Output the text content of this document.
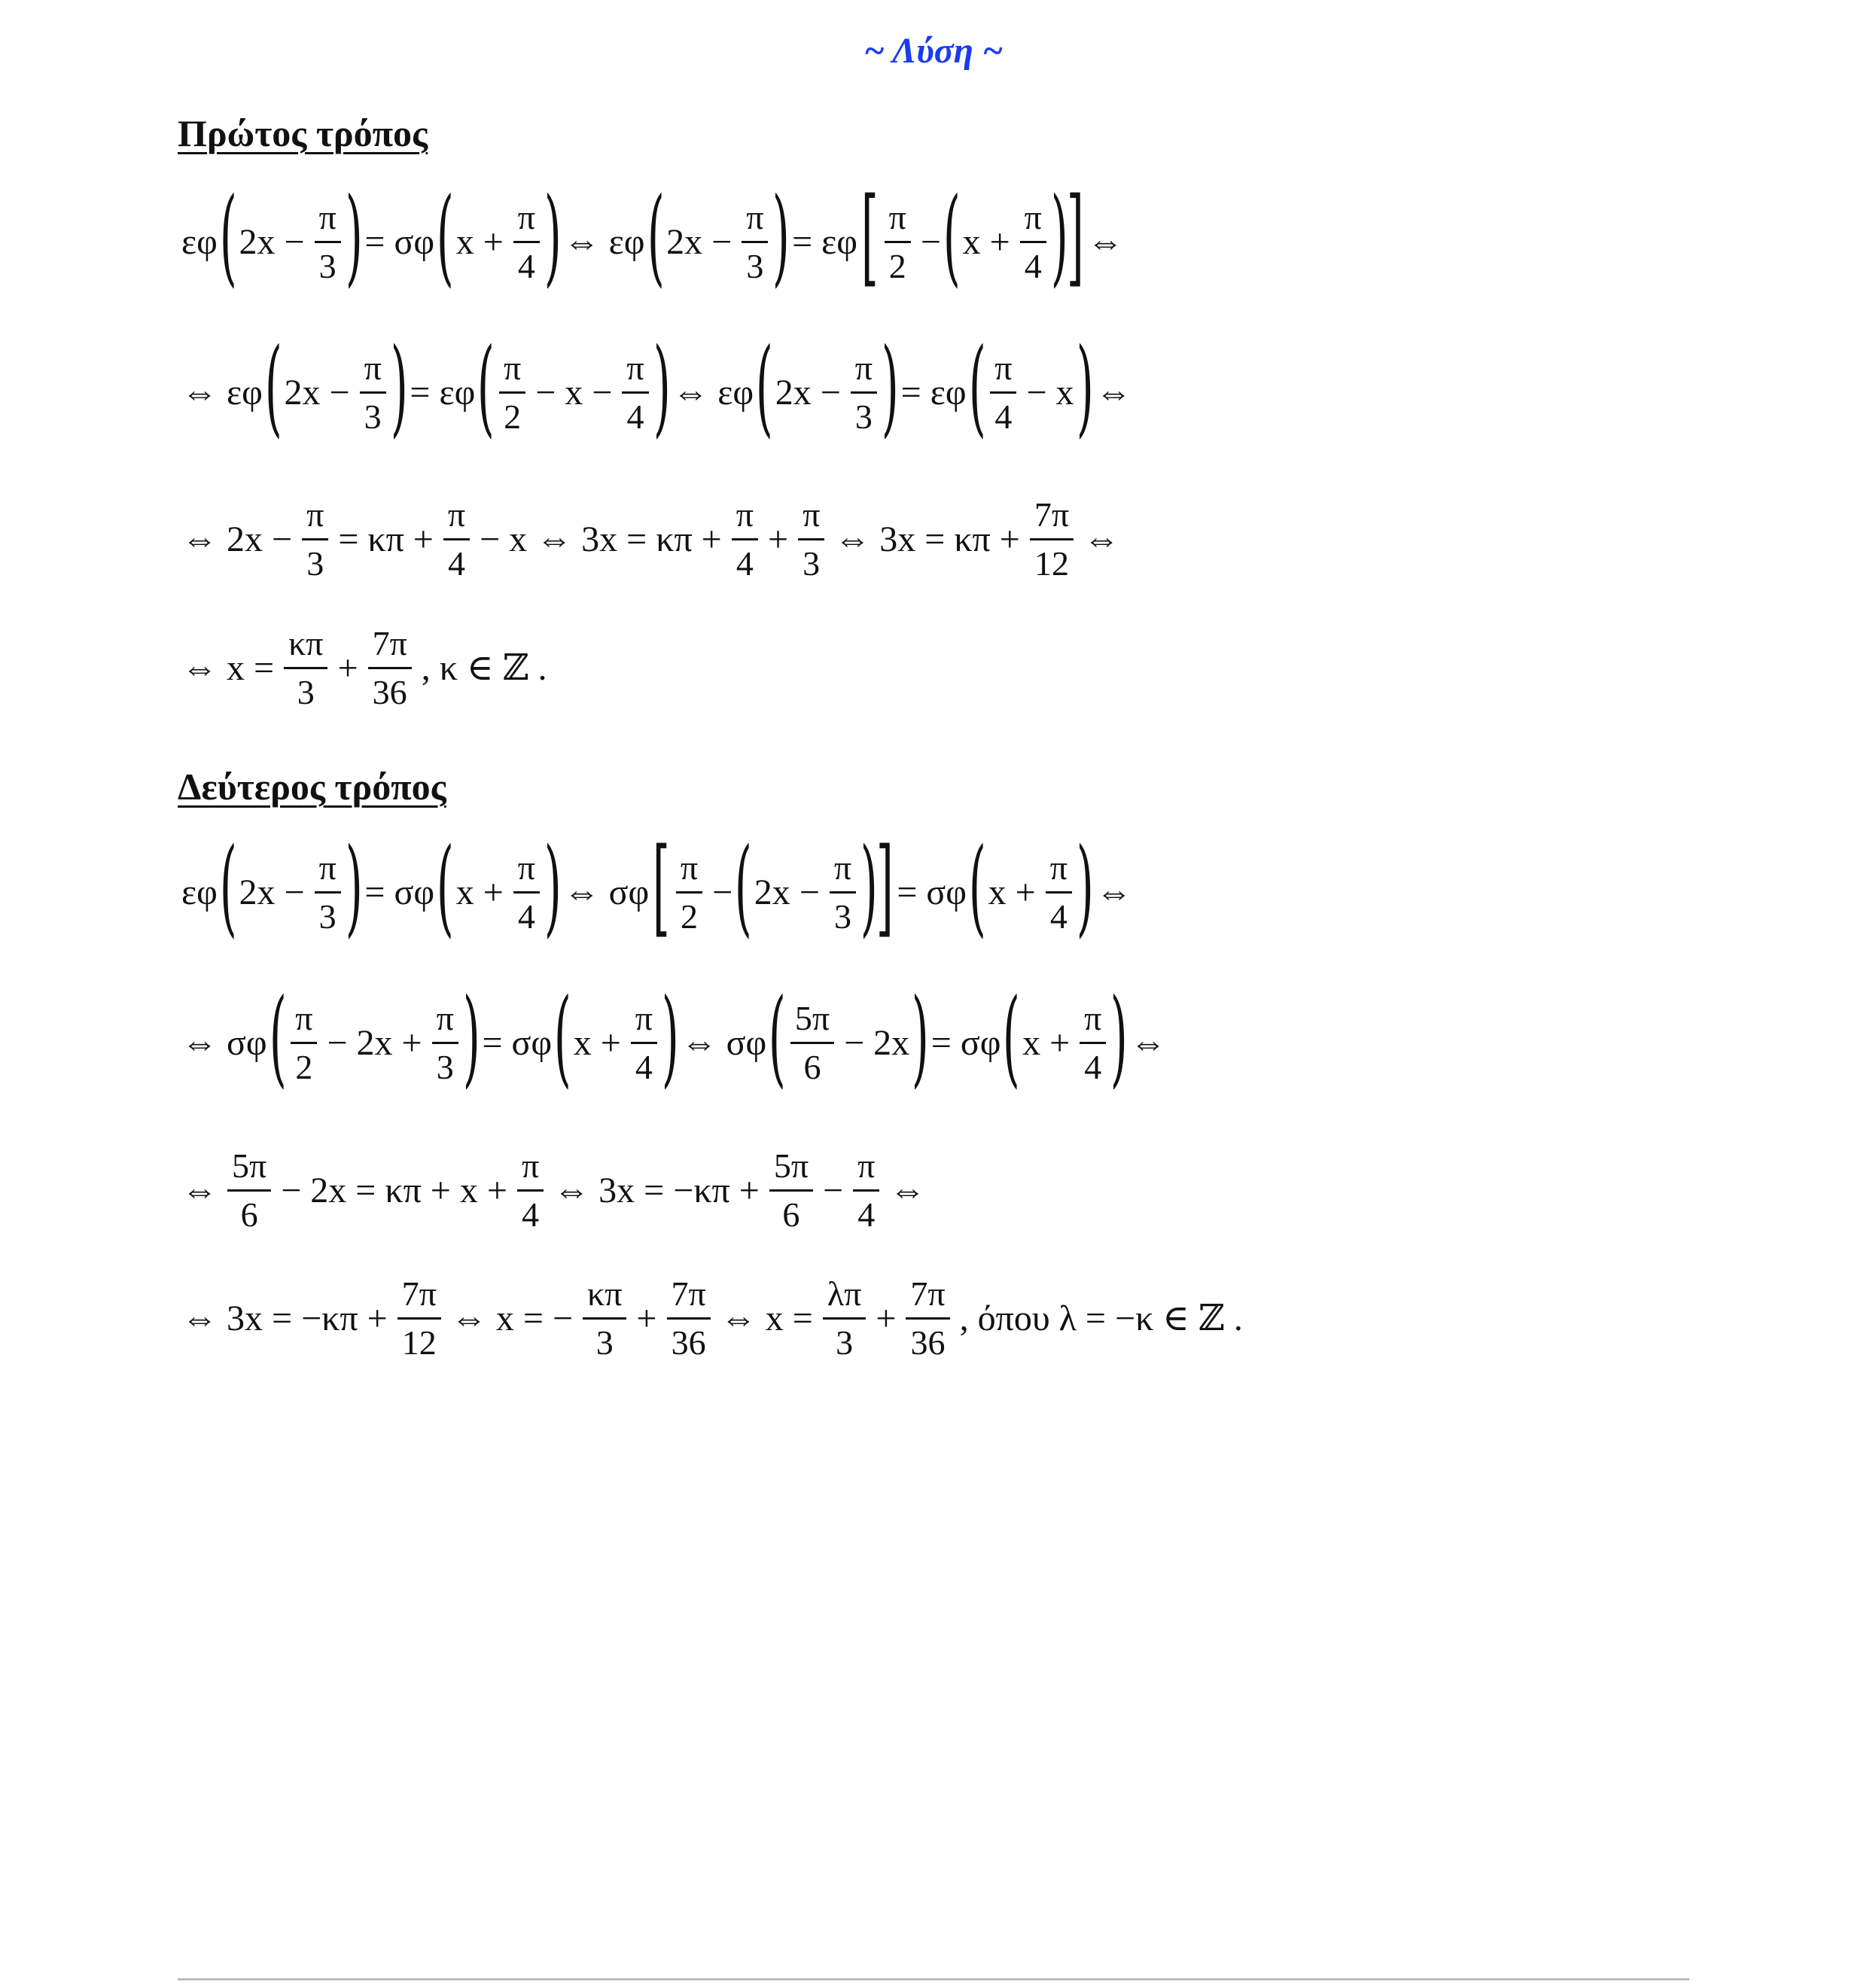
~ Λύση ~
Πρώτος τρόπος
εφ ( $2x - \frac{\pi}{3}$ ) = σφ ( $x + \frac{\pi}{4}$ ) ⇔ εφ ( $2x - \frac{\pi}{3}$ ) = εφ [ $\frac{\pi}{2}$ − ( $x + \frac{\pi}{4}$ )
] ⇔
⇔ εφ ( $2x - \frac{\pi}{3}$ ) = εφ ( $\frac{\pi}{2} - x - \frac{\pi}{4}$ ) ⇔ εφ ( $2x - \frac{\pi}{3}$ ) = εφ ( $\frac{\pi}{4} - x$ ) ⇔
⇔ $2x - \frac{\pi}{3} = \kappa\pi + \frac{\pi}{4} - x$ ⇔ $3x = \kappa\pi + \frac{\pi}{4} + \frac{\pi}{3}$ ⇔ $3x = \kappa\pi + \frac{7\pi}{12}$ ⇔
⇔ $x = \frac{\kappa\pi}{3} + \frac{7\pi}{36}$ , κ ∈ ℤ .
Δεύτερος τρόπος
εφ ( $2x - \frac{\pi}{3}$ ) = σφ ( $x + \frac{\pi}{4}$ ) ⇔ σφ [ $\frac{\pi}{2}$ − ( $2x - \frac{\pi}{3}$ )
] = σφ ( $x + \frac{\pi}{4}$ ) ⇔
⇔ σφ ( $\frac{\pi}{2} - 2x + \frac{\pi}{3}$ ) = σφ ( $x + \frac{\pi}{4}$ ) ⇔ σφ ( $\frac{5\pi}{6} - 2x$ ) = σφ ( $x + \frac{\pi}{4}$ ) ⇔
⇔ $\frac{5\pi}{6} - 2x = \kappa\pi + x + \frac{\pi}{4}$ ⇔ $3x = -\kappa\pi + \frac{5\pi}{6} - \frac{\pi}{4}$ ⇔
⇔ $3x = -\kappa\pi + \frac{7\pi}{12}$ ⇔ x = − $\frac{\kappa\pi}{3} + \frac{7\pi}{36}$ ⇔ $x = \frac{\lambda\pi}{3} + \frac{7\pi}{36}$ , όπου λ = −κ ∈ ℤ .
